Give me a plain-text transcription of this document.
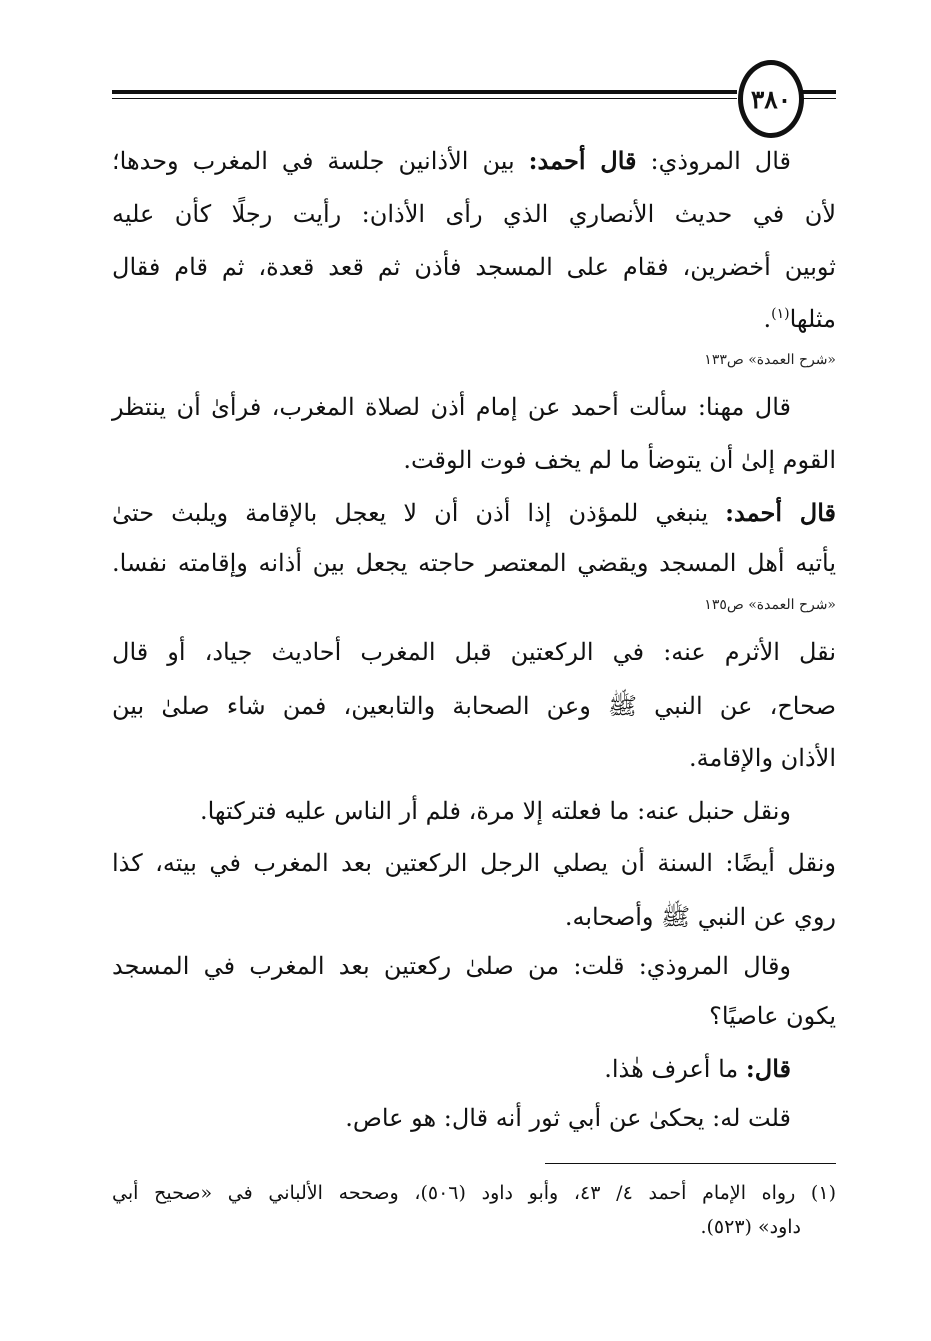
٣٨٠
قال المروذي: قال أحمد: بين الأذانين جلسة في المغرب وحدها؛
لأن في حديث الأنصاري الذي رأى الأذان: رأيت رجلًا كأن عليه
ثوبين أخضرين، فقام على المسجد فأذن ثم قعد قعدة، ثم قام فقال
مثلها$^{(١)}$.
«شرح العمدة» ص١٣٣
قال مهنا: سألت أحمد عن إمام أذن لصلاة المغرب، فرأىٰ أن ينتظر
القوم إلىٰ أن يتوضأ ما لم يخف فوت الوقت.
قال أحمد: ينبغي للمؤذن إذا أذن أن لا يعجل بالإقامة ويلبث حتىٰ
يأتيه أهل المسجد ويقضي المعتصر حاجته يجعل بين أذانه وإقامته نفسا.
«شرح العمدة» ص١٣٥
نقل الأثرم عنه: في الركعتين قبل المغرب أحاديث جياد، أو قال
صحاح، عن النبي ﷺ وعن الصحابة والتابعين، فمن شاء صلىٰ بين
الأذان والإقامة.
ونقل حنبل عنه: ما فعلته إلا مرة، فلم أر الناس عليه فتركتها.
ونقل أيضًا: السنة أن يصلي الرجل الركعتين بعد المغرب في بيته، كذا
روي عن النبي ﷺ وأصحابه.
وقال المروذي: قلت: من صلىٰ ركعتين بعد المغرب في المسجد
يكون عاصيًا؟
قال: ما أعرف هٰذا.
قلت له: يحكىٰ عن أبي ثور أنه قال: هو عاص.
(١) رواه الإمام أحمد ٤/ ٤٣، وأبو داود (٥٠٦)، وصححه الألباني في «صحيح أبي
داود» (٥٢٣).
